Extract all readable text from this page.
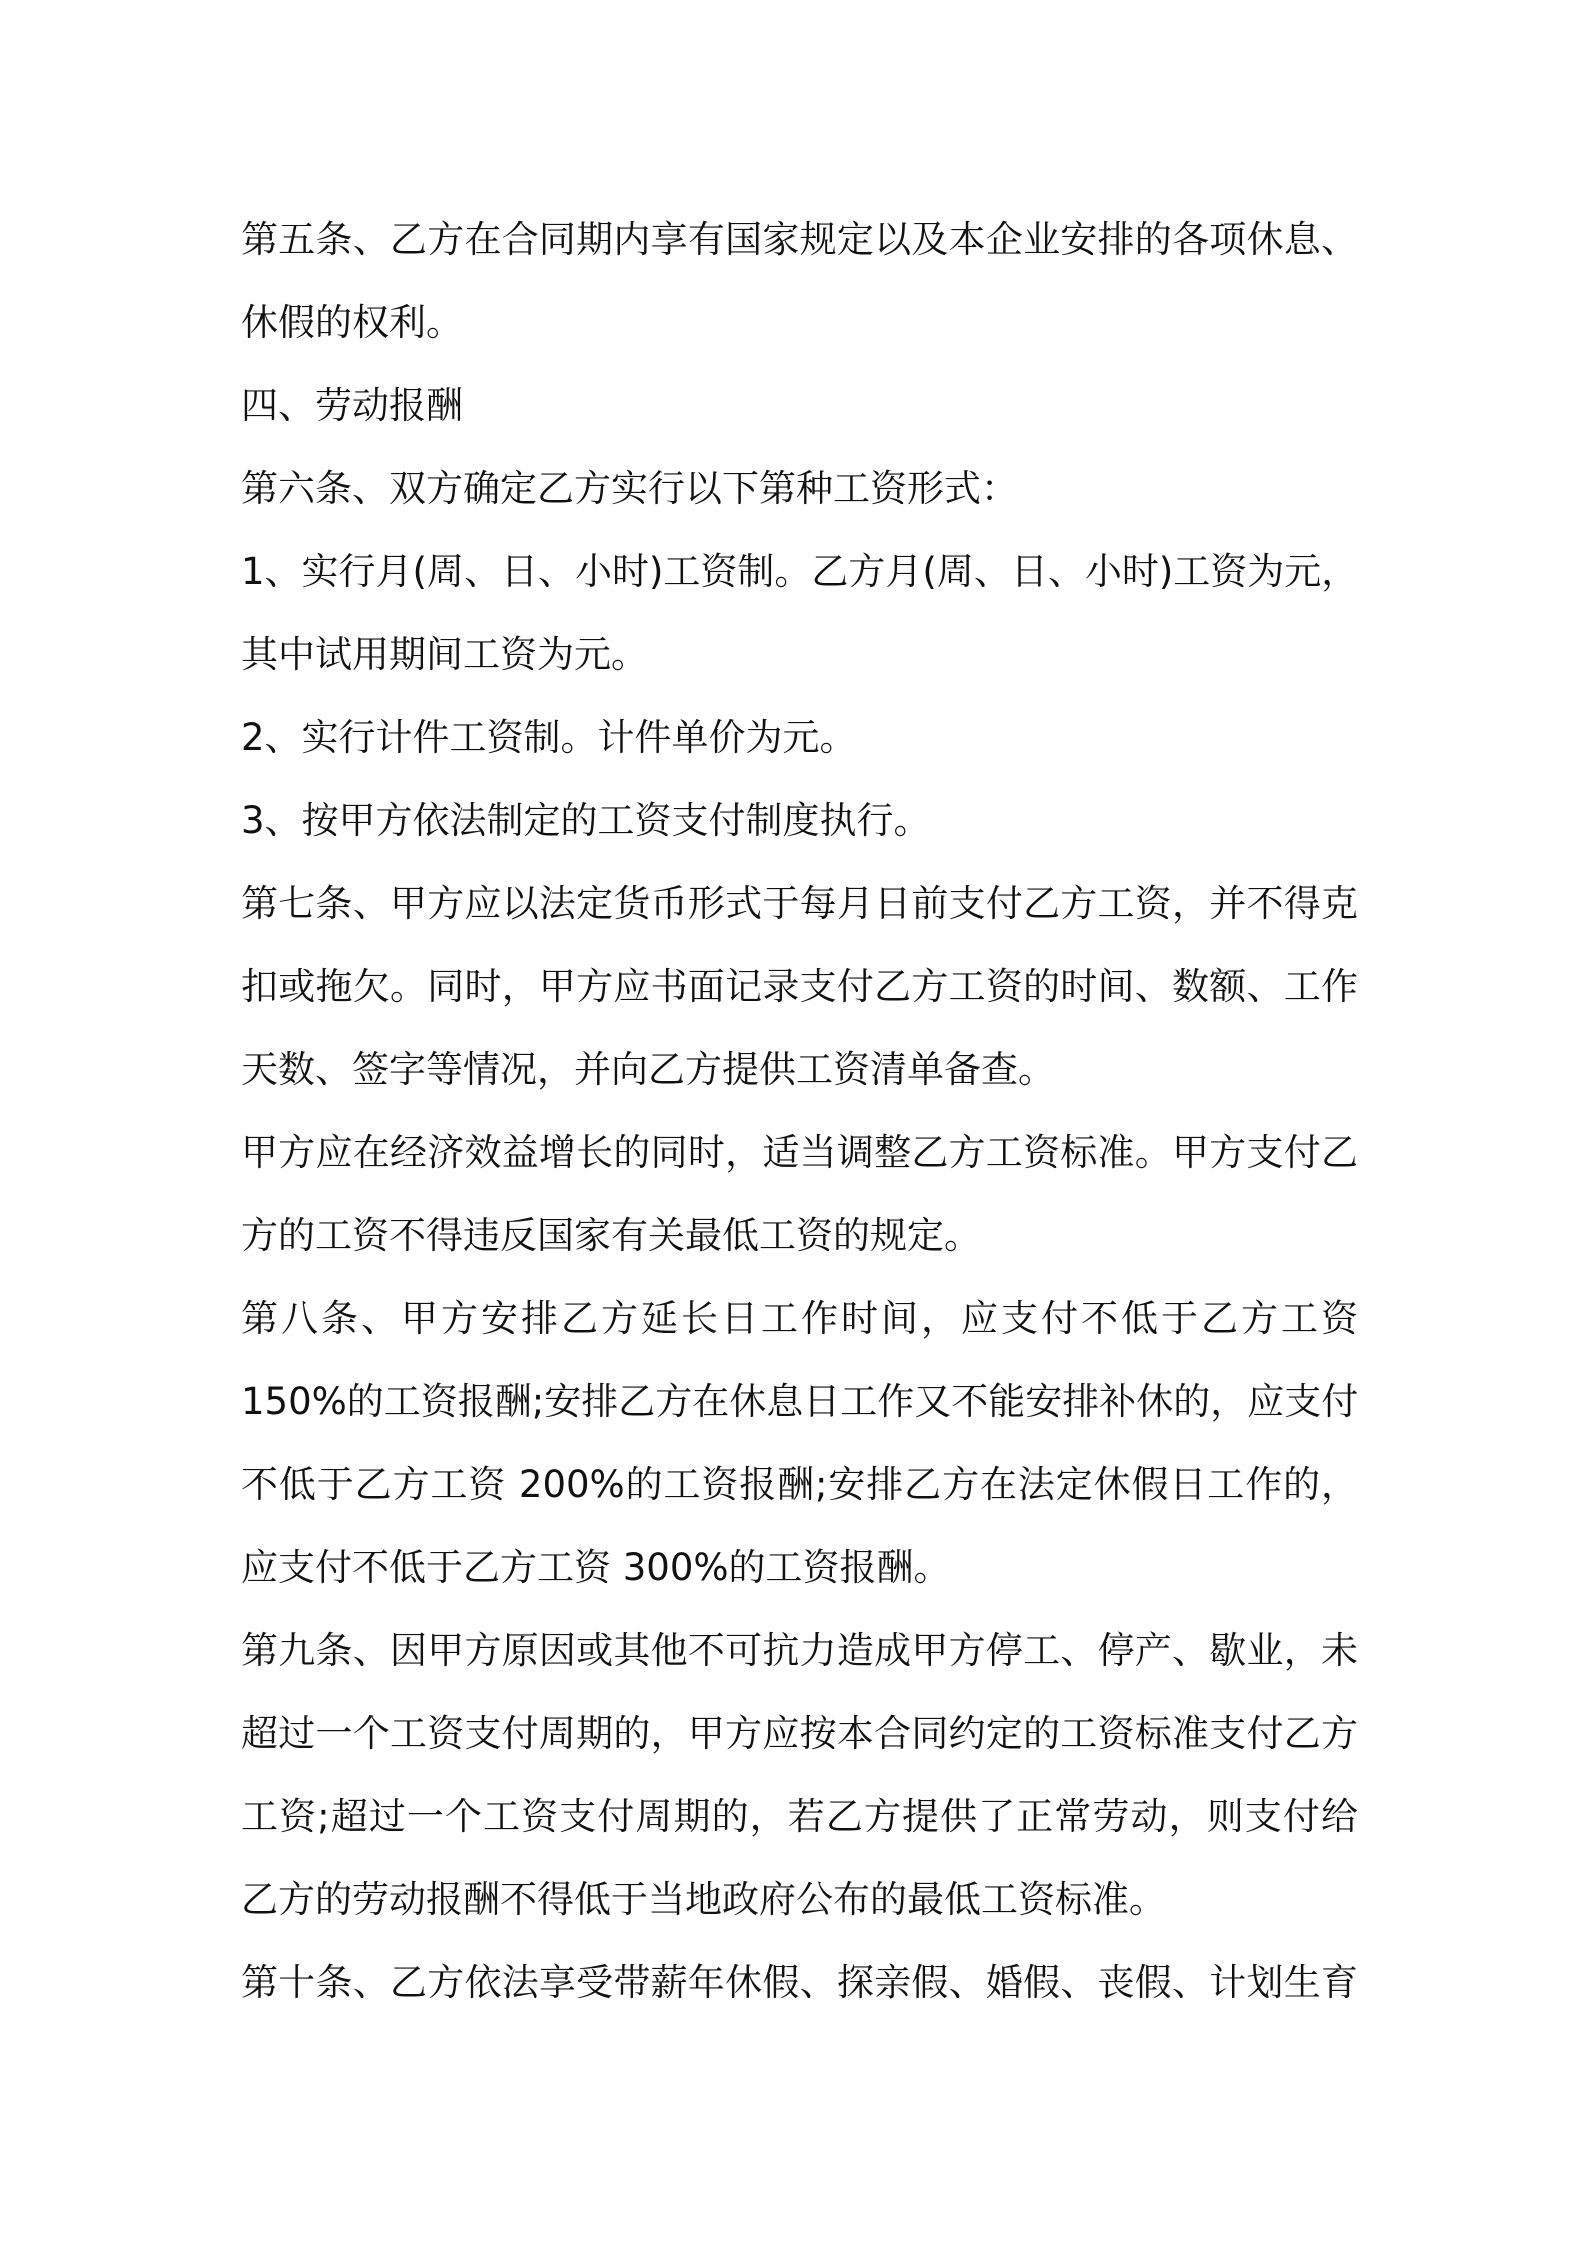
第五条、乙方在合同期内享有国家规定以及本企业安排的各项休息、
休假的权利。
四、劳动报酬
第六条、双方确定乙方实行以下第种工资形式：
1、实行月(周、日、小时)工资制。乙方月(周、日、小时)工资为元，
其中试用期间工资为元。
2、实行计件工资制。计件单价为元。
3、按甲方依法制定的工资支付制度执行。
第七条、甲方应以法定货币形式于每月日前支付乙方工资，并不得克
扣或拖欠。同时，甲方应书面记录支付乙方工资的时间、数额、工作
天数、签字等情况，并向乙方提供工资清单备查。
甲方应在经济效益增长的同时，适当调整乙方工资标准。甲方支付乙
方的工资不得违反国家有关最低工资的规定。
第八条、甲方安排乙方延长日工作时间，应支付不低于乙方工资
150%的工资报酬;安排乙方在休息日工作又不能安排补休的，应支付
不低于乙方工资 200%的工资报酬;安排乙方在法定休假日工作的，
应支付不低于乙方工资 300%的工资报酬。
第九条、因甲方原因或其他不可抗力造成甲方停工、停产、歇业，未
超过一个工资支付周期的，甲方应按本合同约定的工资标准支付乙方
工资;超过一个工资支付周期的，若乙方提供了正常劳动，则支付给
乙方的劳动报酬不得低于当地政府公布的最低工资标准。
第十条、乙方依法享受带薪年休假、探亲假、婚假、丧假、计划生育
